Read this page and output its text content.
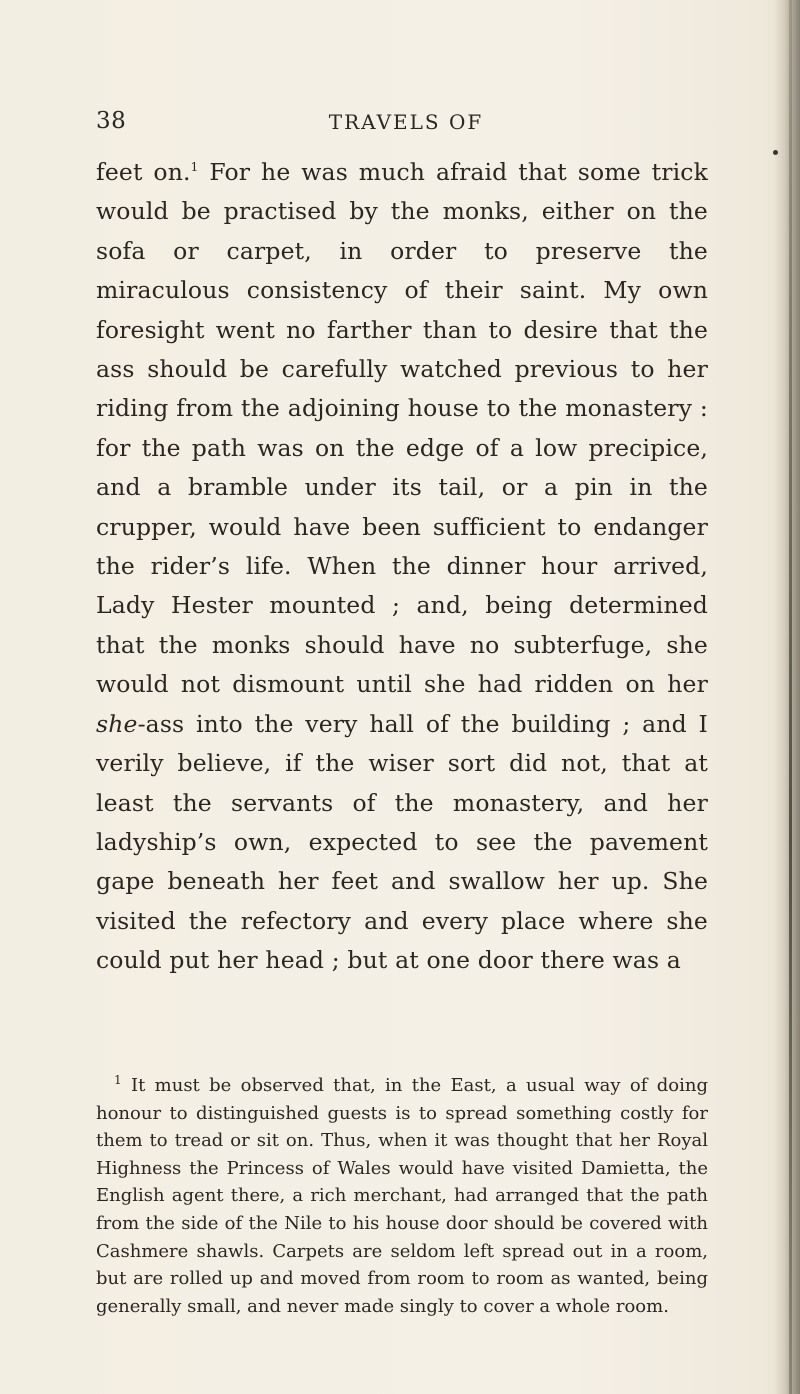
38	TRAVELS OF

feet on.$^1$ For he was much afraid that some trick would be practised by the monks, either on the sofa or carpet, in order to preserve the miraculous consistency of their saint. My own foresight went no farther than to desire that the ass should be carefully watched previous to her riding from the adjoining house to the monastery : for the path was on the edge of a low precipice, and a bramble under its tail, or a pin in the crupper, would have been sufficient to endanger the rider’s life. When the dinner hour arrived, Lady Hester mounted ; and, being determined that the monks should have no subterfuge, she would not dismount until she had ridden on her she-ass into the very hall of the building ; and I verily believe, if the wiser sort did not, that at least the servants of the monastery, and her ladyship’s own, expected to see the pavement gape beneath her feet and swallow her up. She visited the refectory and every place where she could put her head ; but at one door there was a

$^1$ It must be observed that, in the East, a usual way of doing honour to distinguished guests is to spread something costly for them to tread or sit on. Thus, when it was thought that her Royal Highness the Princess of Wales would have visited Damietta, the English agent there, a rich merchant, had arranged that the path from the side of the Nile to his house door should be covered with Cashmere shawls. Carpets are seldom left spread out in a room, but are rolled up and moved from room to room as wanted, being generally small, and never made singly to cover a whole room.
